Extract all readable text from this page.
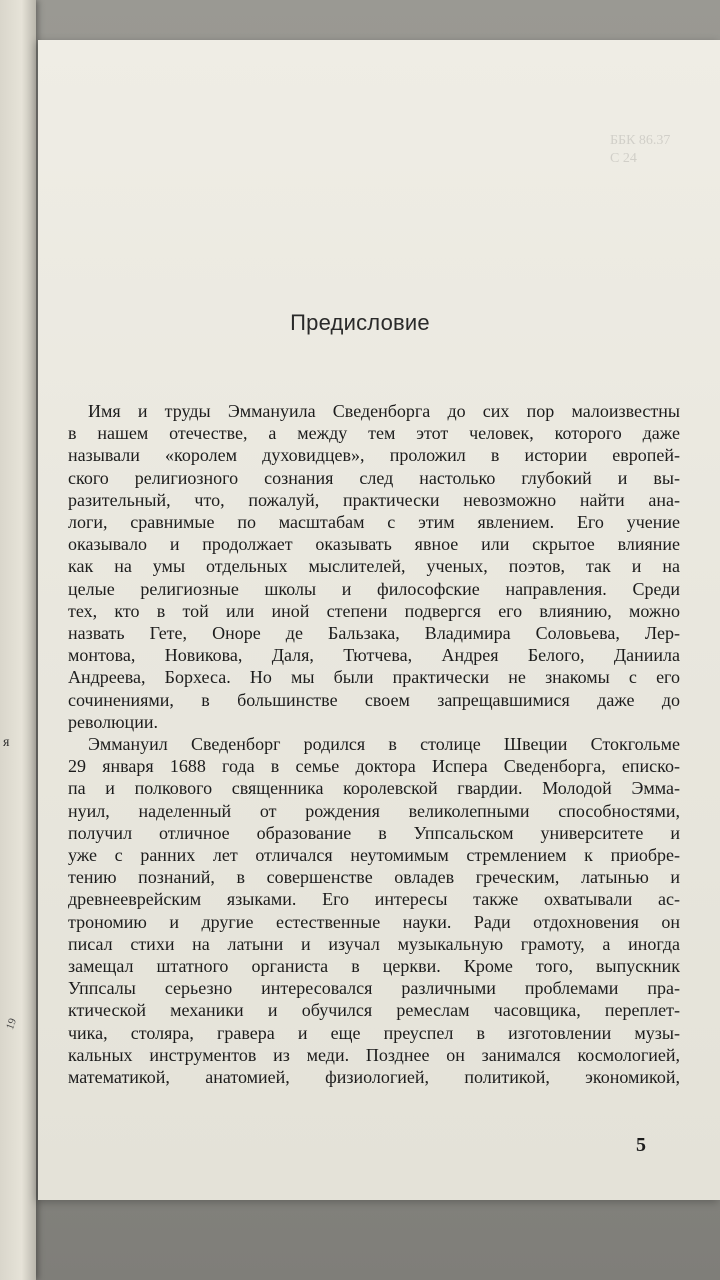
я
19
ББК 86.37
С 24
Предисловие
Имя и труды Эммануила Сведенборга до сих пор малоизвестны
в нашем отечестве, а между тем этот человек, которого даже
называли «королем духовидцев», проложил в истории европей-
ского религиозного сознания след настолько глубокий и вы-
разительный, что, пожалуй, практически невозможно найти ана-
логи, сравнимые по масштабам с этим явлением. Его учение
оказывало и продолжает оказывать явное или скрытое влияние
как на умы отдельных мыслителей, ученых, поэтов, так и на
целые религиозные школы и философские направления. Среди
тех, кто в той или иной степени подвергся его влиянию, можно
назвать Гете, Оноре де Бальзака, Владимира Соловьева, Лер-
монтова, Новикова, Даля, Тютчева, Андрея Белого, Даниила
Андреева, Борхеса. Но мы были практически не знакомы с его
сочинениями, в большинстве своем запрещавшимися даже до
революции.
Эммануил Сведенборг родился в столице Швеции Стокгольме
29 января 1688 года в семье доктора Испера Сведенборга, еписко-
па и полкового священника королевской гвардии. Молодой Эмма-
нуил, наделенный от рождения великолепными способностями,
получил отличное образование в Уппсальском университете и
уже с ранних лет отличался неутомимым стремлением к приобре-
тению познаний, в совершенстве овладев греческим, латынью и
древнееврейским языками. Его интересы также охватывали ас-
трономию и другие естественные науки. Ради отдохновения он
писал стихи на латыни и изучал музыкальную грамоту, а иногда
замещал штатного органиста в церкви. Кроме того, выпускник
Уппсалы серьезно интересовался различными проблемами пра-
ктической механики и обучился ремеслам часовщика, переплет-
чика, столяра, гравера и еще преуспел в изготовлении музы-
кальных инструментов из меди. Позднее он занимался космологией,
математикой, анатомией, физиологией, политикой, экономикой,
5
